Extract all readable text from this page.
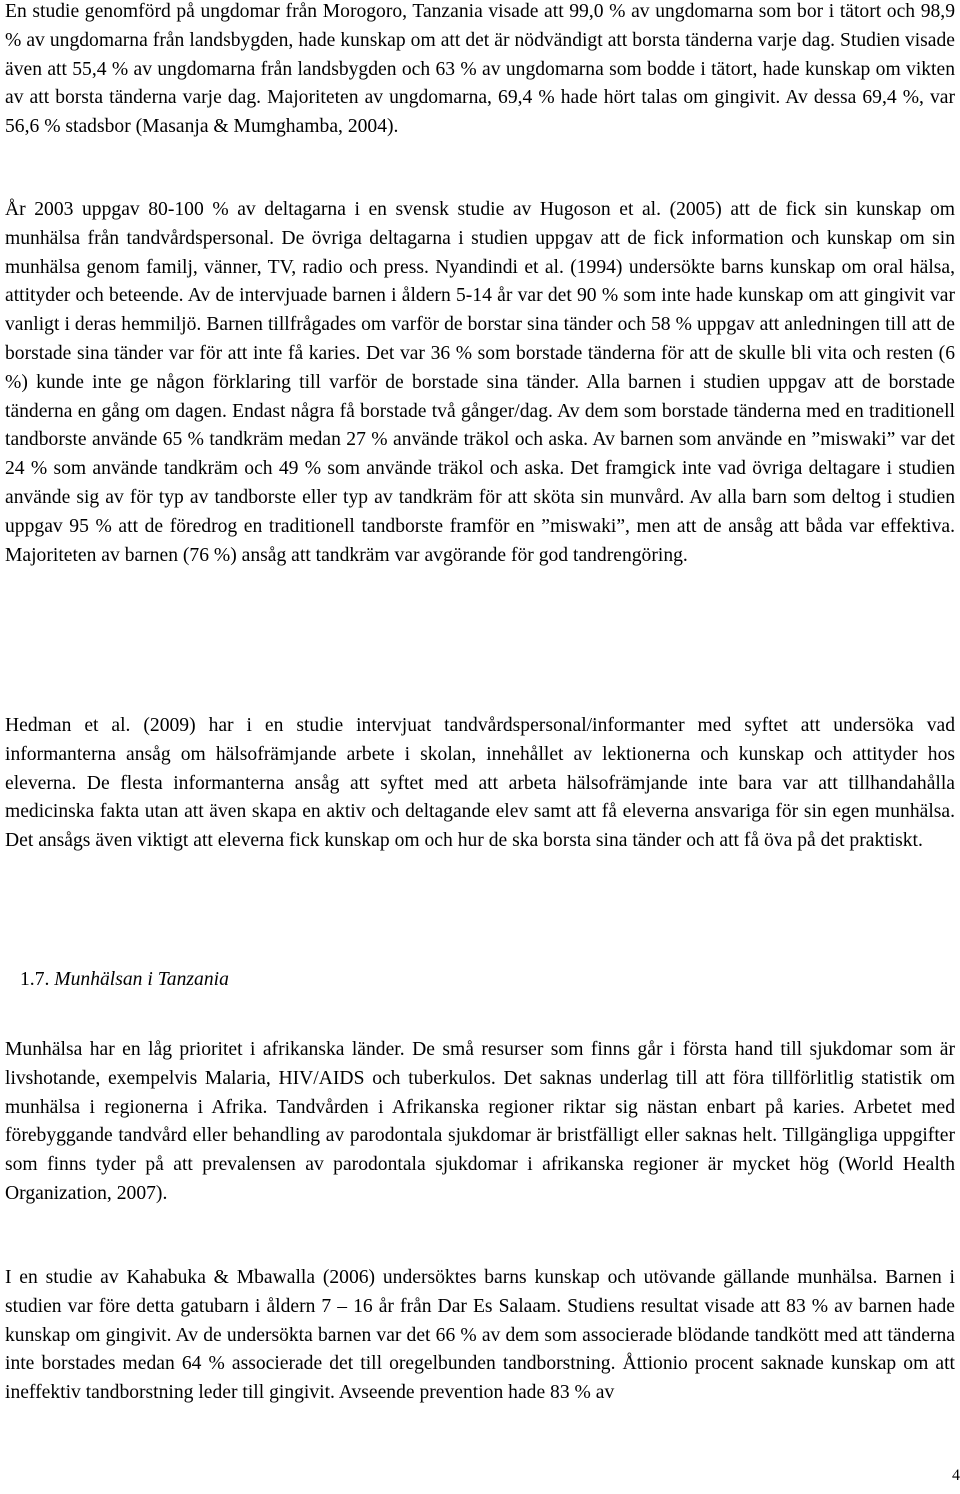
En studie genomförd på ungdomar från Morogoro, Tanzania visade att 99,0 % av ungdomarna som bor i tätort och 98,9 % av ungdomarna från landsbygden, hade kunskap om att det är nödvändigt att borsta tänderna varje dag. Studien visade även att 55,4 % av ungdomarna från landsbygden och 63 % av ungdomarna som bodde i tätort, hade kunskap om vikten av att borsta tänderna varje dag. Majoriteten av ungdomarna, 69,4 % hade hört talas om gingivit. Av dessa 69,4 %, var 56,6 % stadsbor (Masanja & Mumghamba, 2004).

År 2003 uppgav 80-100 % av deltagarna i en svensk studie av Hugoson et al. (2005) att de fick sin kunskap om munhälsa från tandvårdspersonal. De övriga deltagarna i studien uppgav att de fick information och kunskap om sin munhälsa genom familj, vänner, TV, radio och press. Nyandindi et al. (1994) undersökte barns kunskap om oral hälsa, attityder och beteende. Av de intervjuade barnen i åldern 5-14 år var det 90 % som inte hade kunskap om att gingivit var vanligt i deras hemmiljö. Barnen tillfrågades om varför de borstar sina tänder och 58 % uppgav att anledningen till att de borstade sina tänder var för att inte få karies. Det var 36 % som borstade tänderna för att de skulle bli vita och resten (6 %) kunde inte ge någon förklaring till varför de borstade sina tänder. Alla barnen i studien uppgav att de borstade tänderna en gång om dagen. Endast några få borstade två gånger/dag. Av dem som borstade tänderna med en traditionell tandborste använde 65 % tandkräm medan 27 % använde träkol och aska. Av barnen som använde en ”miswaki” var det 24 % som använde tandkräm och 49 % som använde träkol och aska. Det framgick inte vad övriga deltagare i studien använde sig av för typ av tandborste eller typ av tandkräm för att sköta sin munvård. Av alla barn som deltog i studien uppgav 95 % att de föredrog en traditionell tandborste framför en ”miswaki”, men att de ansåg att båda var effektiva. Majoriteten av barnen (76 %) ansåg att tandkräm var avgörande för god tandrengöring.

Hedman et al. (2009) har i en studie intervjuat tandvårdspersonal/informanter med syftet att undersöka vad informanterna ansåg om hälsofrämjande arbete i skolan, innehållet av lektionerna och kunskap och attityder hos eleverna. De flesta informanterna ansåg att syftet med att arbeta hälsofrämjande inte bara var att tillhandahålla medicinska fakta utan att även skapa en aktiv och deltagande elev samt att få eleverna ansvariga för sin egen munhälsa. Det ansågs även viktigt att eleverna fick kunskap om och hur de ska borsta sina tänder och att få öva på det praktiskt.

1.7. Munhälsan i Tanzania

Munhälsa har en låg prioritet i afrikanska länder. De små resurser som finns går i första hand till sjukdomar som är livshotande, exempelvis Malaria, HIV/AIDS och tuberkulos. Det saknas underlag till att föra tillförlitlig statistik om munhälsa i regionerna i Afrika. Tandvården i Afrikanska regioner riktar sig nästan enbart på karies. Arbetet med förebyggande tandvård eller behandling av parodontala sjukdomar är bristfälligt eller saknas helt. Tillgängliga uppgifter som finns tyder på att prevalensen av parodontala sjukdomar i afrikanska regioner är mycket hög (World Health Organization, 2007).

I en studie av Kahabuka & Mbawalla (2006) undersöktes barns kunskap och utövande gällande munhälsa. Barnen i studien var före detta gatubarn i åldern 7 – 16 år från Dar Es Salaam. Studiens resultat visade att 83 % av barnen hade kunskap om gingivit. Av de undersökta barnen var det 66 % av dem som associerade blödande tandkött med att tänderna inte borstades medan 64 % associerade det till oregelbunden tandborstning. Åttionio procent saknade kunskap om att ineffektiv tandborstning leder till gingivit. Avseende prevention hade 83 % av

4
